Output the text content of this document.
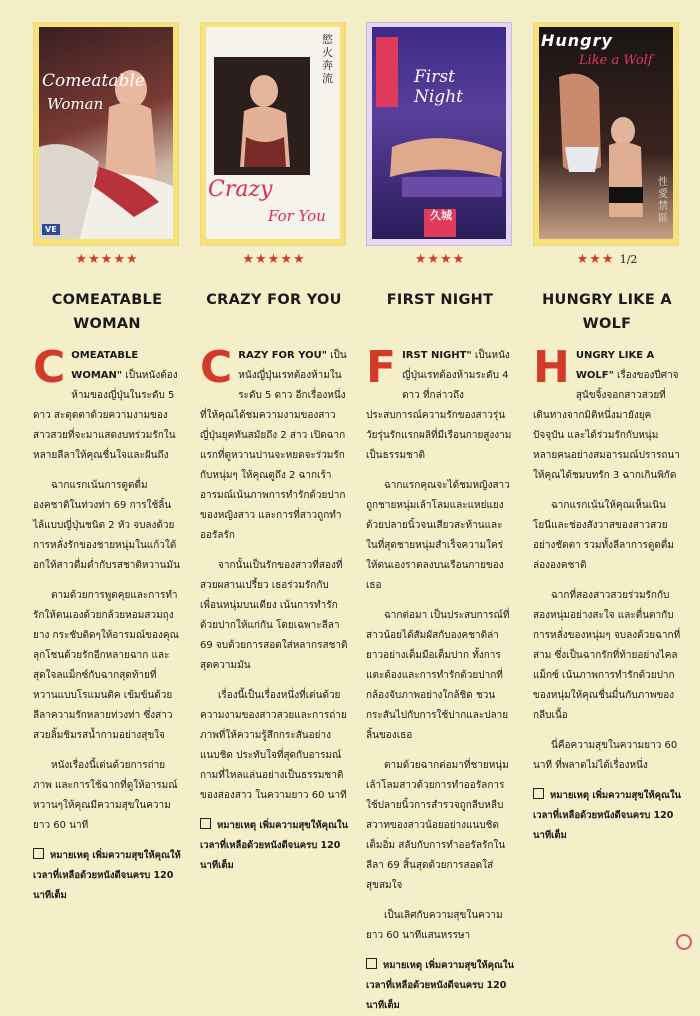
Comeatable
Woman
VE
★★★★★
COMEATABLE WOMAN

COMEATABLE WOMAN" เป็นหนังต้องห้ามของญี่ปุ่นในระดับ 5 ดาว สะดุดตาด้วยความงามของสาวสวยที่จะมาแสดงบทร่วมรักในหลายลีลาให้คุณชื่นใจและฝันถึง

ฉากแรกเน้นการดูดดื่มองคชาติในท่วงท่า 69 การใช้ลิ้นไล้แบบญี่ปุ่นชนิด 2 หัว จบลงด้วยการหลั่งรักของชายหนุ่มในแก้วใต้อกให้สาวดื่มด่ำกับรสชาติหวานมัน

ตามด้วยการพูดคุยและการทำรักให้ตนเองด้วยกล้วยหอมสวมถุงยาง กระชับติดๆให้อารมณ์ของคุณลุกโชนด้วยรักอีกหลายฉาก และสุดใจลแม็กซ์กับฉากสุดท้ายที่หวานแบบโรแมนติค เข้มข้นด้วยลีลาความรักหลายท่วงท่า ซึ่งสาวสวยลิ้มชิมรสน้ำกามอย่างสุขใจ

หนังเรื่องนี้เด่นด้วยการถ่ายภาพ และการใช้ฉากที่ดูให้อารมณ์หวานๆให้คุณมีความสุขในความยาว 60 นาที

หมายเหตุ เพิ่มความสุขให้คุณให้เวลาที่เหลือด้วยหนังดีจนครบ 120 นาทีเต็ม
慾火奔流
Crazy
For You
★★★★★
CRAZY FOR YOU

CRAZY FOR YOU" เป็นหนังญี่ปุ่นเรทต้องห้ามในระดับ 5 ดาว อีกเรื่องหนึ่ง ที่ให้คุณได้ชมความงามของสาวญี่ปุ่นยุคทันสมัยถึง 2 สาว เปิดฉากแรกที่ดูหวานปานจะหยดจะร่วมรักกับหนุ่มๆ ให้คุณดูถึง 2 ฉากเร้าอารมณ์เน้นภาพการทำรักด้วยปากของหญิงสาว และการที่สาวถูกทำออรัลรัก

จากนั้นเป็นรักของสาวที่สองที่สวยผสานเปรี้ยว เธอร่วมรักกับเพื่อนหนุ่มบนเตียง เน้นการทำรักด้วยปากให้แก่กัน โดยเฉพาะลีลา 69 จบด้วยการสอดใส่หลากรสชาติสุดความมัน

เรื่องนี้เป็นเรื่องหนึ่งที่เด่นด้วยความงามของสาวสวยและการถ่ายภาพที่ให้ความรู้สึกกระสันอย่างแนบชิด ประทับใจที่สุดกับอารมณ์กามที่ไหลแล่นอย่างเป็นธรรมชาติของสองสาว ในความยาว 60 นาที

หมายเหตุ เพิ่มความสุขให้คุณในเวลาที่เหลือด้วยหนังดีจนครบ 120 นาทีเต็ม
First Night
久城
★★★★
FIRST NIGHT

FIRST NIGHT" เป็นหนังญี่ปุ่นเรทต้องห้ามระดับ 4 ดาว ที่กล่าวถึงประสบการณ์ความรักของสาวรุ่นวัยรุ่นรักแรกผลิที่มีเรือนกายสูงงามเป็นธรรมชาติ

ฉากแรกคุณจะได้ชมหญิงสาวถูกชายหนุ่มเล้าโลมและแหย่แยงด้วยปลายนิ้วจนเสียวสะท้านและในที่สุดชายหนุ่มสำเร็จความใคร่ให้ตนเองราดลงบนเรือนกายของเธอ

ฉากต่อมา เป็นประสบการณ์ที่สาวน้อยได้สัมผัสกับองคชาติล่ายาวอย่างเต็มมือเต็มปาก ทั้งการแตะต้องและการทำรักด้วยปากที่กล้องจับภาพอย่างใกล้ชิด ชวนกระสันไปกับการใช้ปากและปลายลิ้นของเธอ

ตามด้วยฉากต่อมาที่ชายหนุ่มเล้าโลมสาวด้วยการทำออรัลการใช้ปลายนิ้วการสำรวจถูกลีบหลืบสวาทของสาวน้อยอย่างแนบชิดเต็มอิ่ม สลับกับการทำออรัลรักในลีลา 69 สิ้นสุดด้วยการสอดใส่สุขสมใจ

เป็นเลิศกับความสุขในความยาว 60 นาทีแสนหรรษา

หมายเหตุ เพิ่มความสุขให้คุณในเวลาที่เหลือด้วยหนังดีจนครบ 120 นาทีเต็ม
Hungry
Like a Wolf
性愛禁區
★★★ 1/2
HUNGRY LIKE A WOLF

HUNGRY LIKE A WOLF" เรื่องของปีศาจสุนัขจิ้งจอกสาวสวยที่เดินทางจากมิติหนึ่งมายังยุคปัจจุบัน และได้ร่วมรักกับหนุ่มหลายคนอย่างสมอารมณ์ปรารถนาให้คุณได้ชมบทรัก 3 ฉากเกินพิกัด

ฉากแรกเน้นให้คุณเห็นเนินโยนีและช่องสังวาสของสาวสวยอย่างชัดตา รวมทั้งลีลาการดูดดื่มล่ององคชาติ

ฉากที่สองสาวสวยร่วมรักกับสองหนุ่มอย่างสะใจ และตื่นตากับการหลั่งของหนุ่มๆ จบลงด้วยฉากที่สาม ซึ่งเป็นฉากรักที่ท้ายอย่างไคลแม็กซ์ เน้นภาพการทำรักด้วยปากของหนุ่มให้คุณชื่นมื่นกับภาพของกลีบเนื้อ

นี่คือความสุขในความยาว 60 นาที ที่พลาดไม่ได้เรื่องหนึ่ง

หมายเหตุ เพิ่มความสุขให้คุณในเวลาที่เหลือด้วยหนังดีจนครบ 120 นาทีเต็ม
